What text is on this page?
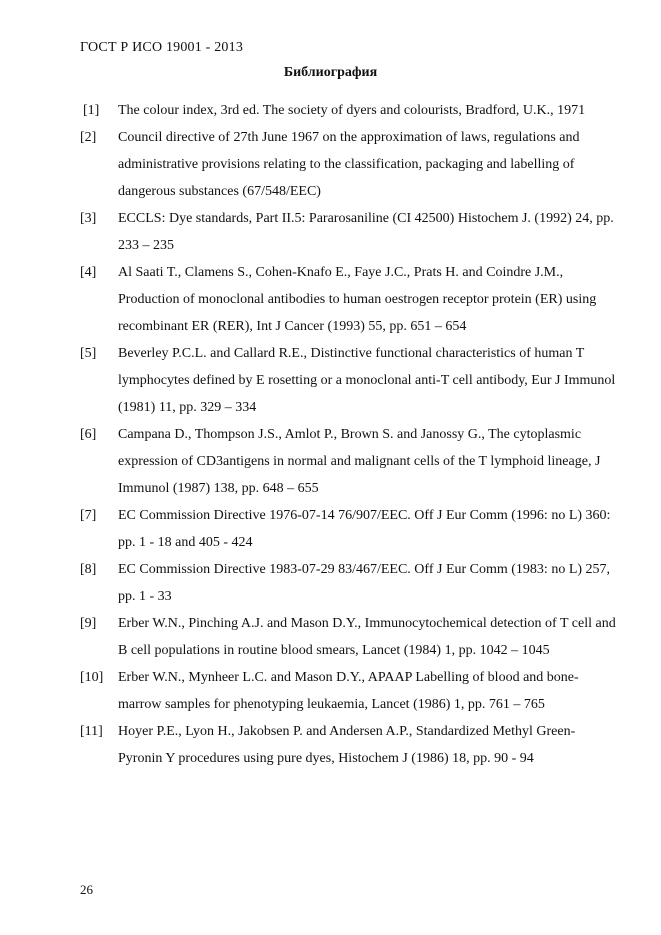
ГОСТ Р ИСО 19001 - 2013
Библиография
[1]	The colour index, 3rd ed. The society of dyers and colourists, Bradford, U.K., 1971
[2]	Council directive of 27th June 1967 on the approximation of laws, regulations and administrative provisions relating to the classification, packaging and labelling of dangerous substances (67/548/EEC)
[3]	ECCLS: Dye standards, Part II.5: Pararosaniline (CI 42500) Histochem J. (1992) 24, pp. 233 – 235
[4]	Al Saati T., Clamens S., Cohen-Knafo E., Faye J.C., Prats H. and Coindre J.M., Production of monoclonal antibodies to human oestrogen receptor protein (ER) using recombinant ER (RER), Int J Cancer (1993) 55, pp. 651 – 654
[5]	Beverley P.C.L. and Callard R.E., Distinctive functional characteristics of human T lymphocytes defined by E rosetting or a monoclonal anti-T cell antibody, Eur J Immunol (1981) 11, pp. 329 – 334
[6]	Campana D., Thompson J.S., Amlot P., Brown S. and Janossy G., The cytoplasmic expression of CD3antigens in normal and malignant cells of the T lymphoid lineage, J Immunol (1987) 138, pp. 648 – 655
[7]	EC Commission Directive 1976-07-14 76/907/EEC. Off J Eur Comm (1996: no L) 360: pp. 1 - 18 and 405 - 424
[8]	EC Commission Directive 1983-07-29 83/467/EEC. Off J Eur Comm (1983: no L) 257, pp. 1 - 33
[9]	Erber W.N., Pinching A.J. and Mason D.Y., Immunocytochemical detection of T cell and B cell populations in routine blood smears, Lancet (1984) 1, pp. 1042 – 1045
[10]	Erber W.N., Mynheer L.C. and Mason D.Y., APAAP Labelling of blood and bone-marrow samples for phenotyping leukaemia, Lancet (1986) 1, pp. 761 – 765
[11]	Hoyer P.E., Lyon H., Jakobsen P. and Andersen A.P., Standardized Methyl Green-Pyronin Y procedures using pure dyes, Histochem J (1986) 18, pp. 90 - 94
26
